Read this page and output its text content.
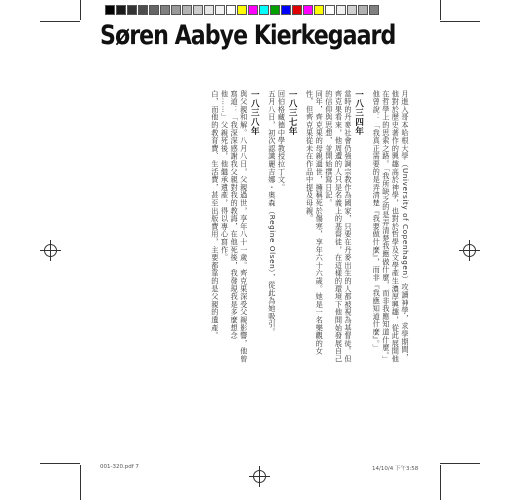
Søren Aabye Kierkegaard
月進入哥本哈根大學（University of Copenhagen）攻讀神學，求學期間，他對於歷史著作的興趣高於神學，也對於哲學及文學產生濃厚興趣，從此展開他在哲學上的思索之路。「我所缺乏的是弄清楚我應做什麼，而非我應知道什麼。」他曾說：「我真正需要的是弄清楚『我要做什麼』，而非『我應知道什麼』。」
一八三四年
當時的丹麥社會仍強調宗教作為國家，只要在丹麥出生的人都被視為基督徒。但齊克果看來，他周遭的人只是名義上的基督徒，在這樣的環境下他開始發展自己的信仰與思想，並開始撰寫日記。
同年，齊克果的母親過世，擁稱死於傷寒，享年六十六歲。她是一名樂觀的女性，但齊克果從未在作品中提及母親。
一八三七年
回伯格藏德中學教授拉丁文。
五月八日，初次認識麗吉娜・奧森（Regine Olsen），從此為她吸引。
一八三八年
與父親和解。八月八日，父親過世，享年八十一歲。齊克果深受父親影響，他曾寫道：「我深深感謝我父親對我的教誨，在他死後，我發現我是多麼想念他……」父親死後，他繼承遺產，得以專心寫作。
白，而他的教育費、生活費，甚至出版費用，主要都靠的是父親的遺產。
001-320.pdf 7	14/10/4 下午3:58
